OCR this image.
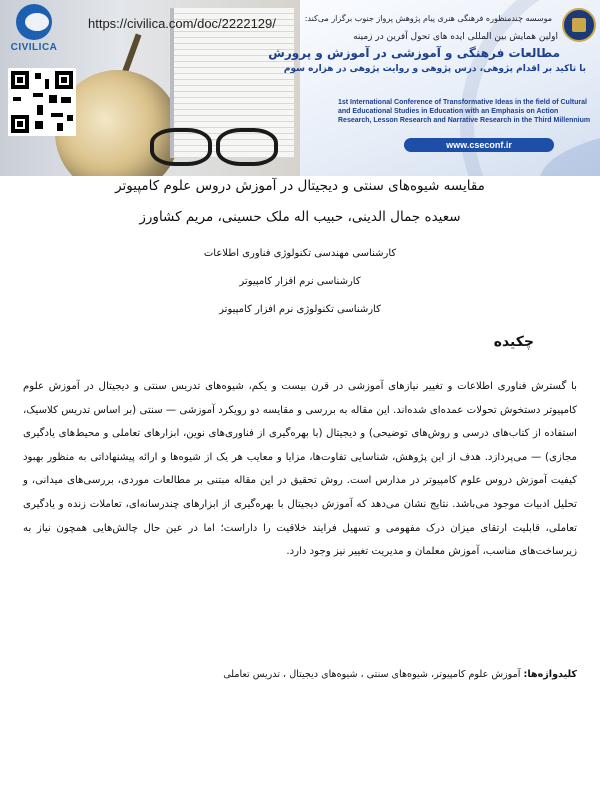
CIVILICA
https://civilica.com/doc/2222129/	موسسه چندمنظوره فرهنگی هنری پیام پژوهش پرواز جنوب برگزار می‌کند:
اولین همایش بین المللی ایده های تحول آفرین در زمینه
مطالعات فرهنگی و آموزشی در آموزش و پرورش
با تاکید بر اقدام پژوهی، درس پژوهی و روایت پژوهی در هزاره سوم
1st International Conference of Transformative Ideas in the field of Cultural and Educational Studies in Education with an Emphasis on Action Research, Lesson Research and Narrative Research in the Third Millennium
www.cseconf.ir
مقایسه شیوه‌های سنتی و دیجیتال در آموزش دروس علوم کامپیوتر
سعیده جمال الدینی، حبیب اله ملک حسینی، مریم کشاورز
کارشناسی مهندسی تکنولوژی فناوری اطلاعات
کارشناسی نرم افزار کامپیوتر
کارشناسی تکنولوژی نرم افزار کامپیوتر
چکیده
با گسترش فناوری اطلاعات و تغییر نیازهای آموزشی در قرن بیست و یکم، شیوه‌های تدریس سنتی و دیجیتال در آموزش علوم کامپیوتر دستخوش تحولات عمده‌ای شده‌اند. این مقاله به بررسی و مقایسه دو رویکرد آموزشی — سنتی (بر اساس تدریس کلاسیک، استفاده از کتاب‌های درسی و روش‌های توضیحی) و دیجیتال (با بهره‌گیری از فناوری‌های نوین، ابزارهای تعاملی و محیط‌های یادگیری مجازی) — می‌پردازد. هدف از این پژوهش، شناسایی تفاوت‌ها، مزایا و معایب هر یک از شیوه‌ها و ارائه پیشنهاداتی به منظور بهبود کیفیت آموزش دروس علوم کامپیوتر در مدارس است. روش تحقیق در این مقاله مبتنی بر مطالعات موردی، بررسی‌های میدانی، و تحلیل ادبیات موجود می‌باشد. نتایج نشان می‌دهد که آموزش دیجیتال با بهره‌گیری از ابزارهای چندرسانه‌ای، تعاملات زنده و یادگیری تعاملی، قابلیت ارتقای میزان درک مفهومی و تسهیل فرایند خلاقیت را داراست؛ اما در عین حال چالش‌هایی همچون نیاز به زیرساخت‌های مناسب، آموزش معلمان و مدیریت تغییر نیز وجود دارد.
کلیدواژه‌ها: آموزش علوم کامپیوتر، شیوه‌های سنتی ، شیوه‌های دیجیتال ، تدریس تعاملی
